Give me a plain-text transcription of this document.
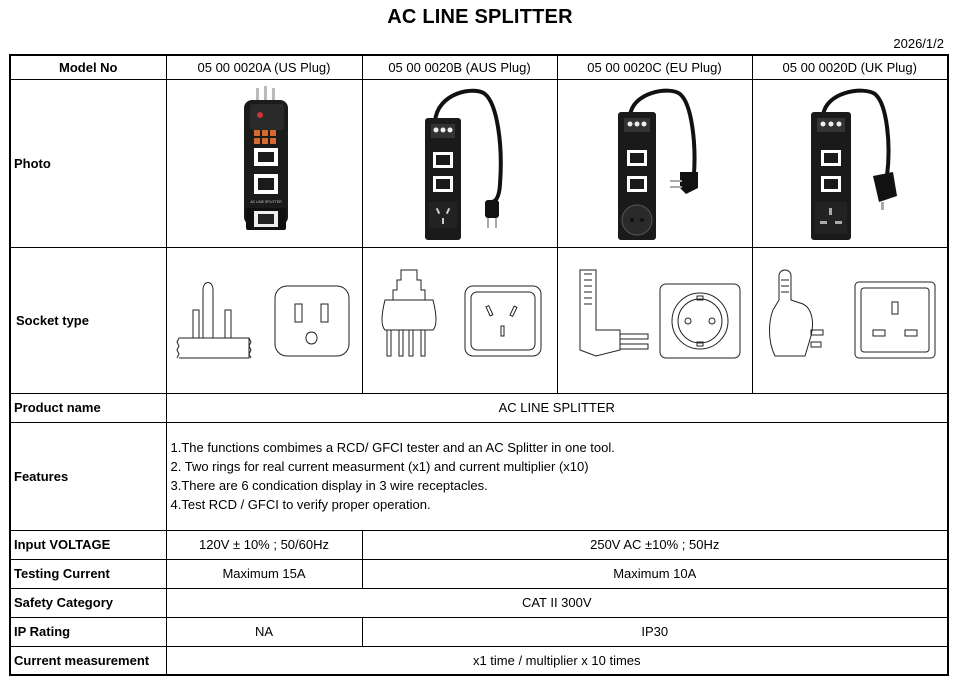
AC LINE SPLITTER
2026/1/2
Model No	05 00 0020A (US Plug)	05 00 0020B (AUS Plug)	05 00 0020C (EU Plug)	05 00 0020D (UK Plug)
Photo	AC LINE SPLITTER

Socket type	

Product name	AC LINE SPLITTER			
Features	1.The functions combimes a RCD/ GFCI tester and an AC Splitter in one tool.

2. Two rings for real current measurment (x1) and current multiplier (x10)

3.There are 6 condication display in 3 wire receptacles.

4.Test RCD / GFCI to verify proper operation.			

Input VOLTAGE	120V ± 10% ; 50/60Hz	250V AC ±10% ; 50Hz		
Testing Current	Maximum 15A	Maximum 10A		
Safety Category	CAT II 300V			
IP Rating	NA	IP30		
Current measurement	x1 time / multiplier x 10 times			
